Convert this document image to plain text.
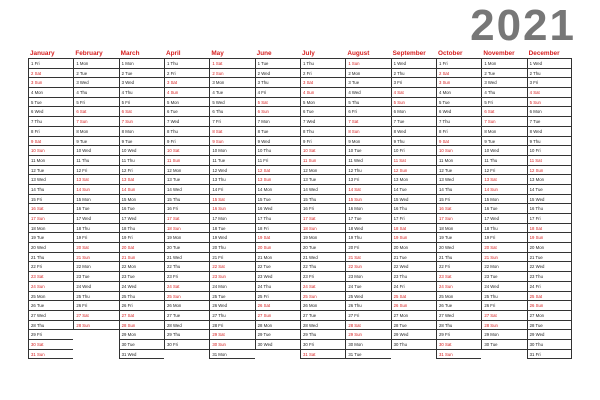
2021
January
1 Fri
2 Sat
3 Sun
4 Mon
5 Tue
6 Wed
7 Thu
8 Fri
9 Sat
10 Sun
11 Mon
12 Tue
13 Wed
14 Thu
15 Fri
16 Sat
17 Sun
18 Mon
19 Tue
20 Wed
21 Thu
22 Fri
23 Sat
24 Sun
25 Mon
26 Tue
27 Wed
28 Thu
29 Fri
30 Sat
31 Sun
February
1 Mon
2 Tue
3 Wed
4 Thu
5 Fri
6 Sat
7 Sun
8 Mon
9 Tue
10 Wed
11 Thu
12 Fri
13 Sat
14 Sun
15 Mon
16 Tue
17 Wed
18 Thu
19 Fri
20 Sat
21 Sun
22 Mon
23 Tue
24 Wed
25 Thu
26 Fri
27 Sat
28 Sun
March
1 Mon
2 Tue
3 Wed
4 Thu
5 Fri
6 Sat
7 Sun
8 Mon
9 Tue
10 Wed
11 Thu
12 Fri
13 Sat
14 Sun
15 Mon
16 Tue
17 Wed
18 Thu
19 Fri
20 Sat
21 Sun
22 Mon
23 Tue
24 Wed
25 Thu
26 Fri
27 Sat
28 Sun
29 Mon
30 Tue
31 Wed
April
1 Thu
2 Fri
3 Sat
4 Sun
5 Mon
6 Tue
7 Wed
8 Thu
9 Fri
10 Sat
11 Sun
12 Mon
13 Tue
14 Wed
15 Thu
16 Fri
17 Sat
18 Sun
19 Mon
20 Tue
21 Wed
22 Thu
23 Fri
24 Sat
25 Sun
26 Mon
27 Tue
28 Wed
29 Thu
30 Fri
May
1 Sat
2 Sun
3 Mon
4 Tue
5 Wed
6 Thu
7 Fri
8 Sat
9 Sun
10 Mon
11 Tue
12 Wed
13 Thu
14 Fri
15 Sat
16 Sun
17 Mon
18 Tue
19 Wed
20 Thu
21 Fri
22 Sat
23 Sun
24 Mon
25 Tue
26 Wed
27 Thu
28 Fri
29 Sat
30 Sun
31 Mon
June
1 Tue
2 Wed
3 Thu
4 Fri
5 Sat
6 Sun
7 Mon
8 Tue
9 Wed
10 Thu
11 Fri
12 Sat
13 Sun
14 Mon
15 Tue
16 Wed
17 Thu
18 Fri
19 Sat
20 Sun
21 Mon
22 Tue
23 Wed
24 Thu
25 Fri
26 Sat
27 Sun
28 Mon
29 Tue
30 Wed
July
1 Thu
2 Fri
3 Sat
4 Sun
5 Mon
6 Tue
7 Wed
8 Thu
9 Fri
10 Sat
11 Sun
12 Mon
13 Tue
14 Wed
15 Thu
16 Fri
17 Sat
18 Sun
19 Mon
20 Tue
21 Wed
22 Thu
23 Fri
24 Sat
25 Sun
26 Mon
27 Tue
28 Wed
29 Thu
30 Fri
31 Sat
August
1 Sun
2 Mon
3 Tue
4 Wed
5 Thu
6 Fri
7 Sat
8 Sun
9 Mon
10 Tue
11 Wed
12 Thu
13 Fri
14 Sat
15 Sun
16 Mon
17 Tue
18 Wed
19 Thu
20 Fri
21 Sat
22 Sun
23 Mon
24 Tue
25 Wed
26 Thu
27 Fri
28 Sat
29 Sun
30 Mon
31 Tue
September
1 Wed
2 Thu
3 Fri
4 Sat
5 Sun
6 Mon
7 Tue
8 Wed
9 Thu
10 Fri
11 Sat
12 Sun
13 Mon
14 Tue
15 Wed
16 Thu
17 Fri
18 Sat
19 Sun
20 Mon
21 Tue
22 Wed
23 Thu
24 Fri
25 Sat
26 Sun
27 Mon
28 Tue
29 Wed
30 Thu
October
1 Fri
2 Sat
3 Sun
4 Mon
5 Tue
6 Wed
7 Thu
8 Fri
9 Sat
10 Sun
11 Mon
12 Tue
13 Wed
14 Thu
15 Fri
16 Sat
17 Sun
18 Mon
19 Tue
20 Wed
21 Thu
22 Fri
23 Sat
24 Sun
25 Mon
26 Tue
27 Wed
28 Thu
29 Fri
30 Sat
31 Sun
November
1 Mon
2 Tue
3 Wed
4 Thu
5 Fri
6 Sat
7 Sun
8 Mon
9 Tue
10 Wed
11 Thu
12 Fri
13 Sat
14 Sun
15 Mon
16 Tue
17 Wed
18 Thu
19 Fri
20 Sat
21 Sun
22 Mon
23 Tue
24 Wed
25 Thu
26 Fri
27 Sat
28 Sun
29 Mon
30 Tue
December
1 Wed
2 Thu
3 Fri
4 Sat
5 Sun
6 Mon
7 Tue
8 Wed
9 Thu
10 Fri
11 Sat
12 Sun
13 Mon
14 Tue
15 Wed
16 Thu
17 Fri
18 Sat
19 Sun
20 Mon
21 Tue
22 Wed
23 Thu
24 Fri
25 Sat
26 Sun
27 Mon
28 Tue
29 Wed
30 Thu
31 Fri
